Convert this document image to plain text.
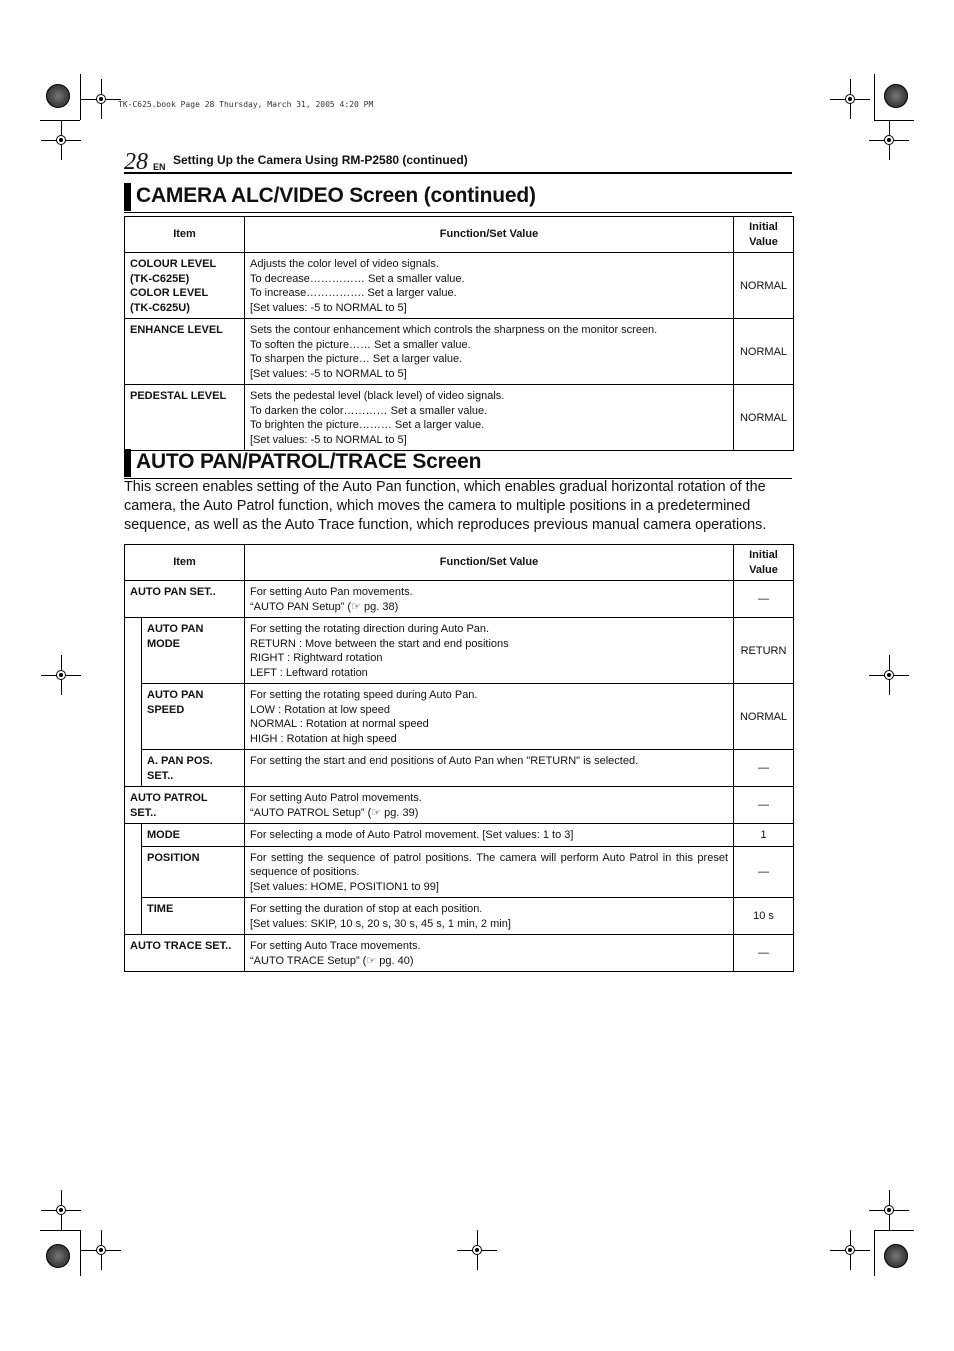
TK-C625.book Page 28 Thursday, March 31, 2005 4:20 PM
28 EN Setting Up the Camera Using RM-P2580 (continued)
CAMERA ALC/VIDEO Screen (continued)
Item	Function/Set Value	Initial Value

COLOUR LEVEL
(TK-C625E)
COLOR LEVEL
(TK-C625U)	Adjusts the color level of video signals.
To decrease…………… Set a smaller value.
To increase……………. Set a larger value.
[Set values: -5 to NORMAL to 5]	NORMAL

ENHANCE LEVEL	Sets the contour enhancement which controls the sharpness on the monitor screen.
To soften the picture…… Set a smaller value.
To sharpen the picture… Set a larger value.
[Set values: -5 to NORMAL to 5]	NORMAL

PEDESTAL LEVEL	Sets the pedestal level (black level) of video signals.
To darken the color………… Set a smaller value.
To brighten the picture……… Set a larger value.
[Set values: -5 to NORMAL to 5]	NORMAL
AUTO PAN/PATROL/TRACE Screen
This screen enables setting of the Auto Pan function, which enables gradual horizontal rotation of the camera, the Auto Patrol function, which moves the camera to multiple positions in a predetermined sequence, as well as the Auto Trace function, which reproduces previous manual camera operations.
Item		Function/Set Value	Initial Value

AUTO PAN SET..		For setting Auto Pan movements.
“AUTO PAN Setup” (☞ pg. 38)	—

	AUTO PAN
MODE	For setting the rotating direction during Auto Pan.
RETURN : Move between the start and end positions
RIGHT : Rightward rotation
LEFT : Leftward rotation	RETURN

	AUTO PAN
SPEED	For setting the rotating speed during Auto Pan.
LOW : Rotation at low speed
NORMAL : Rotation at normal speed
HIGH : Rotation at high speed	NORMAL

	A. PAN POS.
SET..	For setting the start and end positions of Auto Pan when "RETURN" is selected.	—

AUTO PATROL
SET..		For setting Auto Patrol movements.
“AUTO PATROL Setup” (☞ pg. 39)	—

	MODE	For selecting a mode of Auto Patrol movement. [Set values: 1 to 3]	1

	POSITION	For setting the sequence of patrol positions. The camera will perform Auto Patrol in this preset sequence of positions.
[Set values: HOME, POSITION1 to 99]	—

	TIME	For setting the duration of stop at each position.
[Set values: SKIP, 10 s, 20 s, 30 s, 45 s, 1 min, 2 min]	10 s

AUTO TRACE SET..		For setting Auto Trace movements.
“AUTO TRACE Setup” (☞ pg. 40)	—
